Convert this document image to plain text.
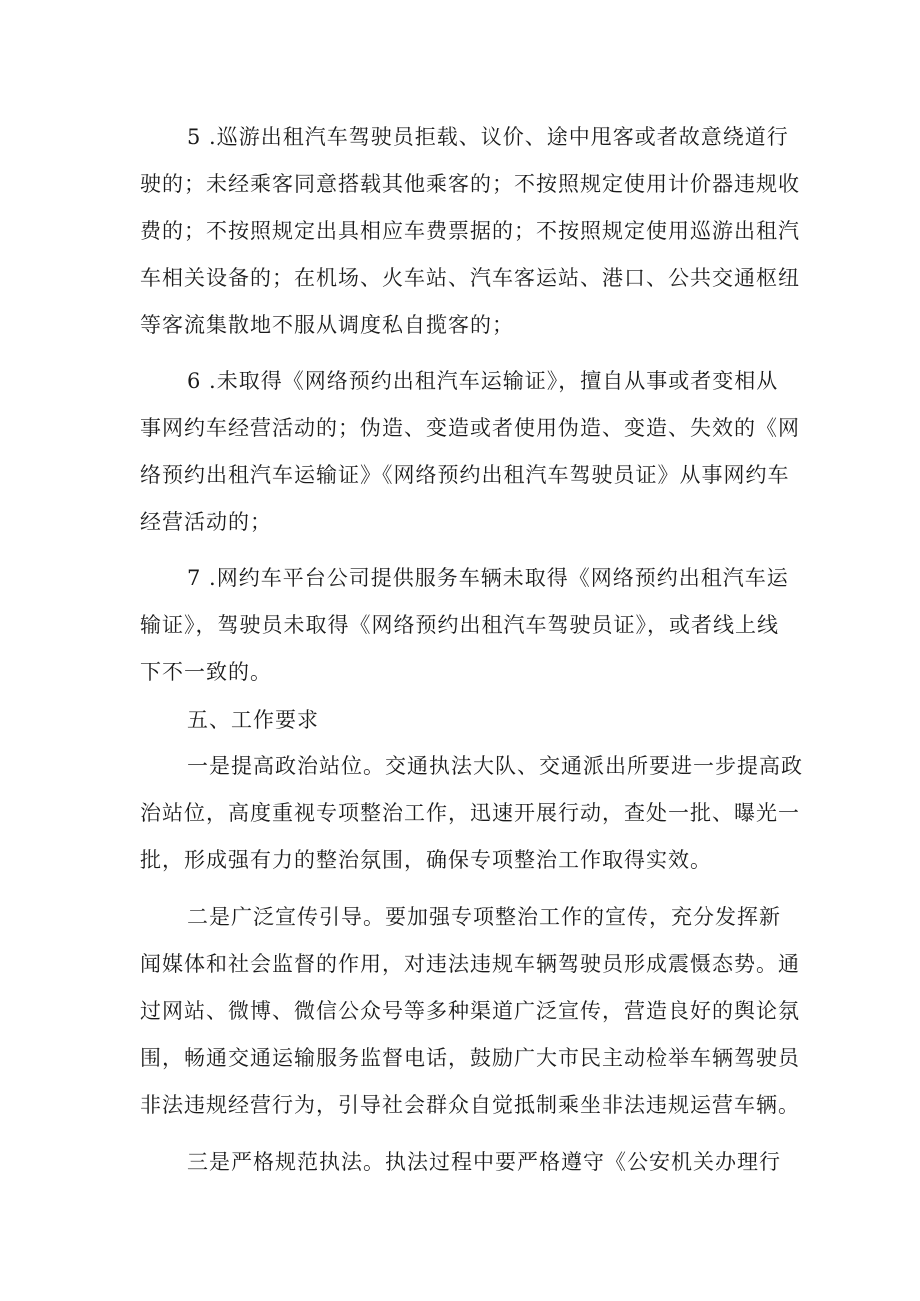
5 .巡游出租汽车驾驶员拒载、议价、途中甩客或者故意绕道行
驶的；未经乘客同意搭载其他乘客的；不按照规定使用计价器违规收
费的；不按照规定出具相应车费票据的；不按照规定使用巡游出租汽
车相关设备的；在机场、火车站、汽车客运站、港口、公共交通枢纽
等客流集散地不服从调度私自揽客的；
6 .未取得《网络预约出租汽车运输证》，擅自从事或者变相从
事网约车经营活动的；伪造、变造或者使用伪造、变造、失效的《网
络预约出租汽车运输证》《网络预约出租汽车驾驶员证》从事网约车
经营活动的；
7 .网约车平台公司提供服务车辆未取得《网络预约出租汽车运
输证》，驾驶员未取得《网络预约出租汽车驾驶员证》，或者线上线
下不一致的。
五、工作要求
一是提高政治站位。交通执法大队、交通派出所要进一步提高政
治站位，高度重视专项整治工作，迅速开展行动，查处一批、曝光一
批，形成强有力的整治氛围，确保专项整治工作取得实效。
二是广泛宣传引导。要加强专项整治工作的宣传，充分发挥新
闻媒体和社会监督的作用，对违法违规车辆驾驶员形成震慑态势。通
过网站、微博、微信公众号等多种渠道广泛宣传，营造良好的舆论氛
围，畅通交通运输服务监督电话，鼓励广大市民主动检举车辆驾驶员
非法违规经营行为，引导社会群众自觉抵制乘坐非法违规运营车辆。
三是严格规范执法。执法过程中要严格遵守《公安机关办理行
